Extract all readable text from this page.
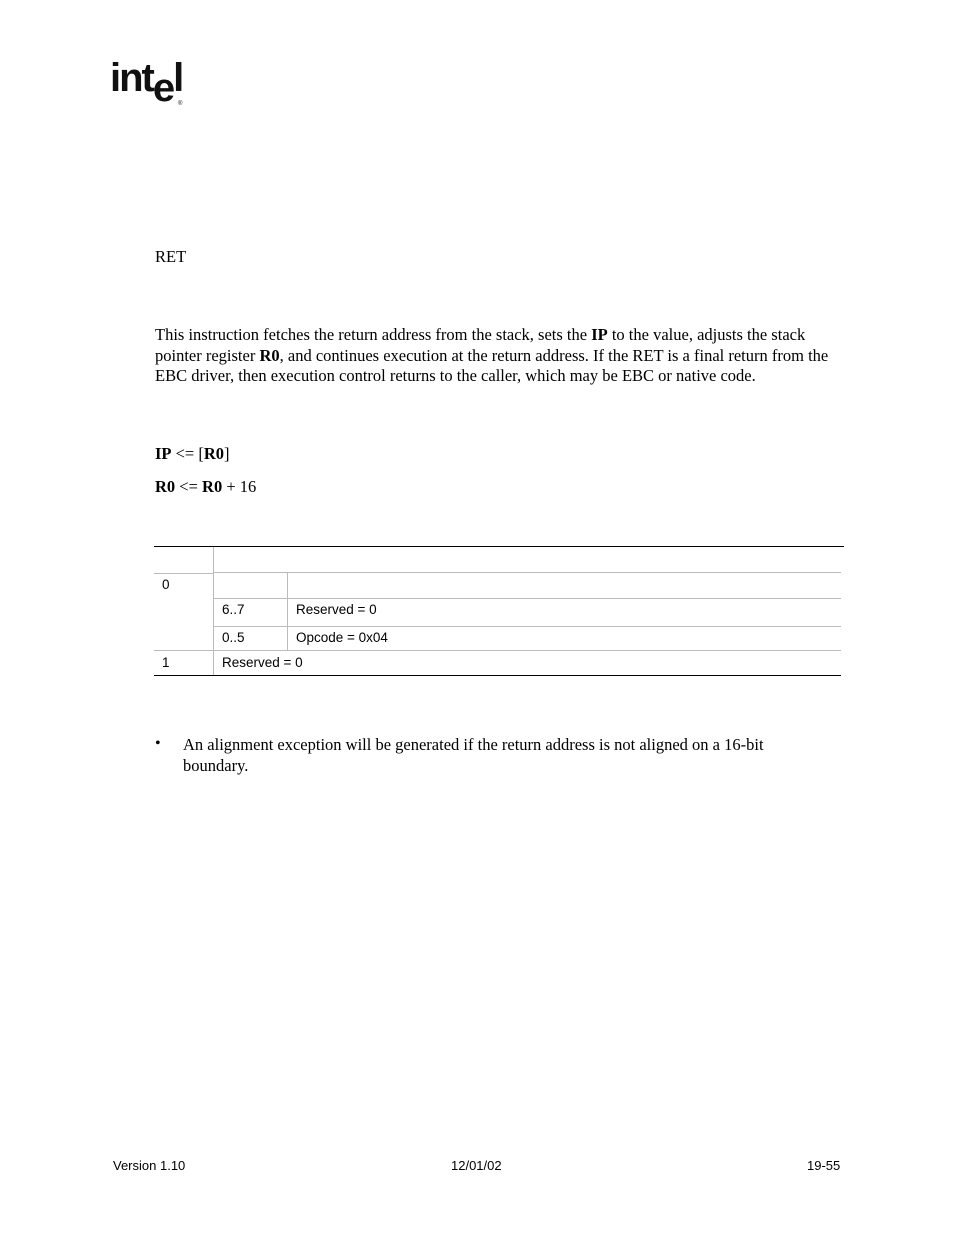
intel
®
RET

This instruction fetches the return address from the stack, sets the IP to the value, adjusts the stack pointer register R0, and continues execution at the return address. If the RET is a final return from the EBC driver, then execution control returns to the caller, which may be EBC or native code.

IP <= [R0]
R0 <= R0 + 16
0
6..7	Reserved = 0
0..5	Opcode = 0x04
1	Reserved = 0
• An alignment exception will be generated if the return address is not aligned on a 16-bit boundary.

Version 1.10	12/01/02	19-55
